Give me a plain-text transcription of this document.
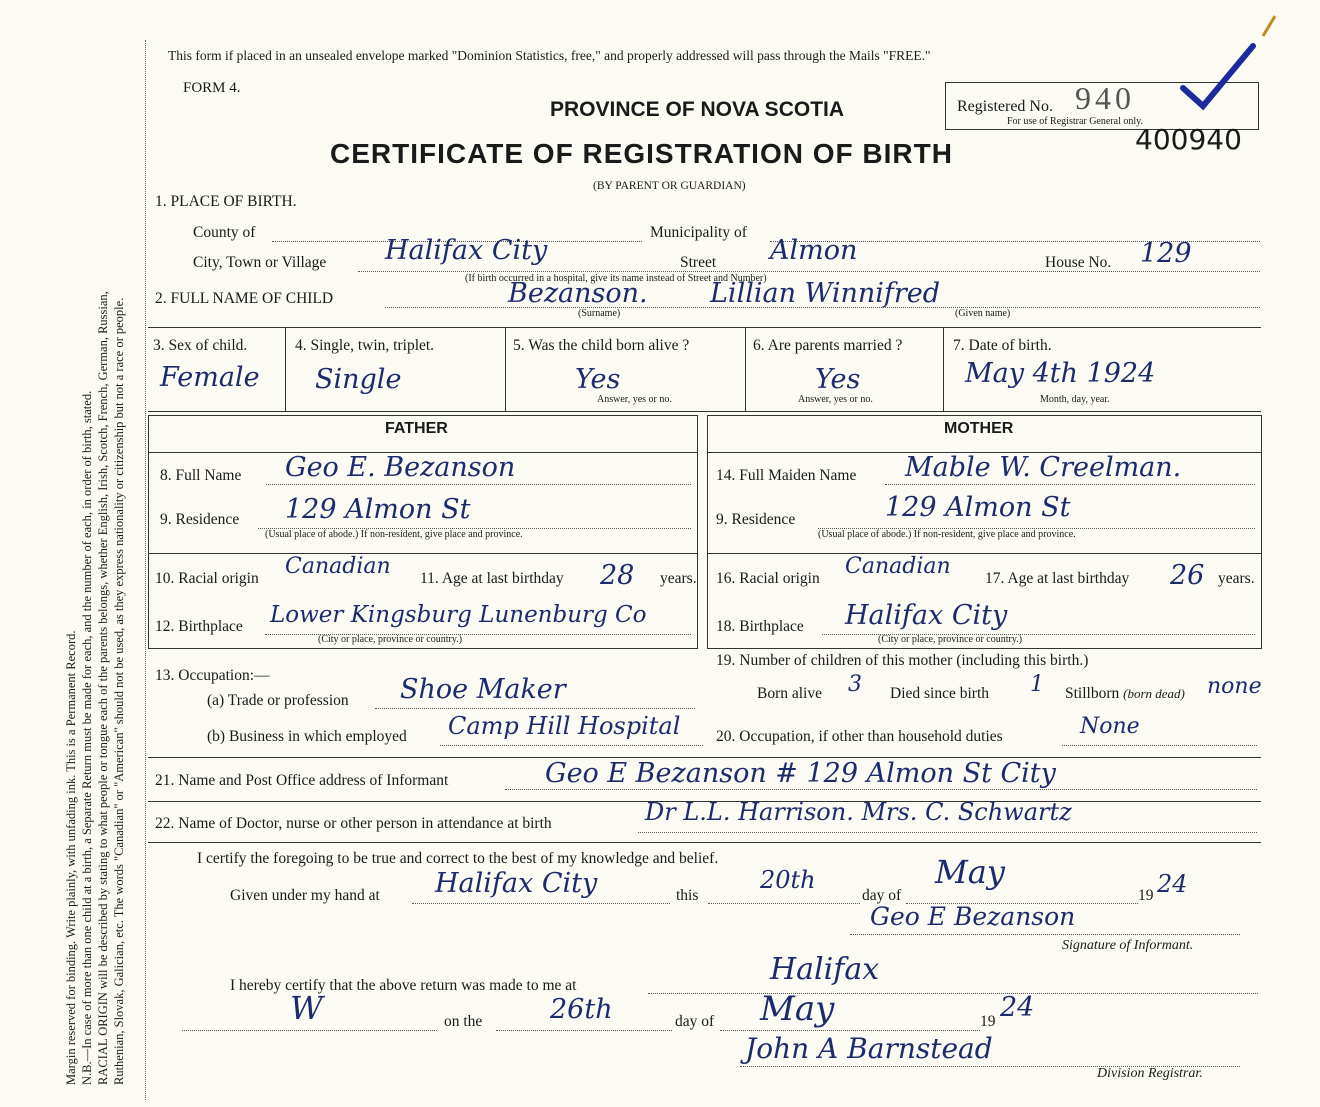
Margin reserved for binding. Write plainly, with unfading ink. This is a Permanent Record. N.B.—In case of more than one child at a birth, a Separate Return must be made for each, and the number of each, in order of birth, stated. RACIAL ORIGIN will be described by stating to what people or tongue each of the parents belongs, whether English, Irish, Scotch, French, German, Russian, Ruthenian, Slovak, Galician, etc. The words "Canadian" or "American" should not be used, as they express nationality or citizenship but not a race or people.
This form if placed in an unsealed envelope marked "Dominion Statistics, free," and properly addressed will pass through the Mails "FREE."
FORM 4.
PROVINCE OF NOVA SCOTIA
CERTIFICATE OF REGISTRATION OF BIRTH
(BY PARENT OR GUARDIAN)
Registered No. 940
For use of Registrar General only.
400940
1. PLACE OF BIRTH.
County of	Municipality of
City, Town or Village Halifax City	Street Almon	House No. 129
(If birth occurred in a hospital, give its name instead of Street and Number)
2. FULL NAME OF CHILD	Bezanson. Lillian Winnifred
(Surname)	(Given name)
3. Sex of child.
Female
4. Single, twin, triplet.
Single
5. Was the child born alive ?
Yes
Answer, yes or no.
6. Are parents married ?
Yes
Answer, yes or no.
7. Date of birth.
May 4th 1924
Month, day, year.
FATHER	MOTHER
8. Full Name Geo E. Bezanson
9. Residence 129 Almon St
(Usual place of abode.) If non-resident, give place and province.
10. Racial origin Canadian 11. Age at last birthday 28 years.
12. Birthplace Lower Kingsburg Lunenburg Co
(City or place, province or country.)
14. Full Maiden Name Mable W. Creelman.
9. Residence	129 Almon St
(Usual place of abode.) If non-resident, give place and province.
16. Racial origin Canadian 17. Age at last birthday 26 years.
18. Birthplace Halifax City
(City or place, province or country.)
13. Occupation:—
(a) Trade or profession Shoe Maker
(b) Business in which employed Camp Hill Hospital
19. Number of children of this mother (including this birth.)
Born alive 3 Died since birth 1 Stillborn (born dead) none
20. Occupation, if other than household duties	None
21. Name and Post Office address of Informant	Geo E Bezanson # 129 Almon St City
22. Name of Doctor, nurse or other person in attendance at birth	Dr L.L. Harrison. Mrs. C. Schwartz
I certify the foregoing to be true and correct to the best of my knowledge and belief.
Given under my hand at Halifax City	this
20th
day of
May
19 24
Geo E Bezanson
Signature of Informant.
I hereby certify that the above return was made to me at	Halifax
W	on the	26th	day of May	19 24
John A Barnstead
Division Registrar.
